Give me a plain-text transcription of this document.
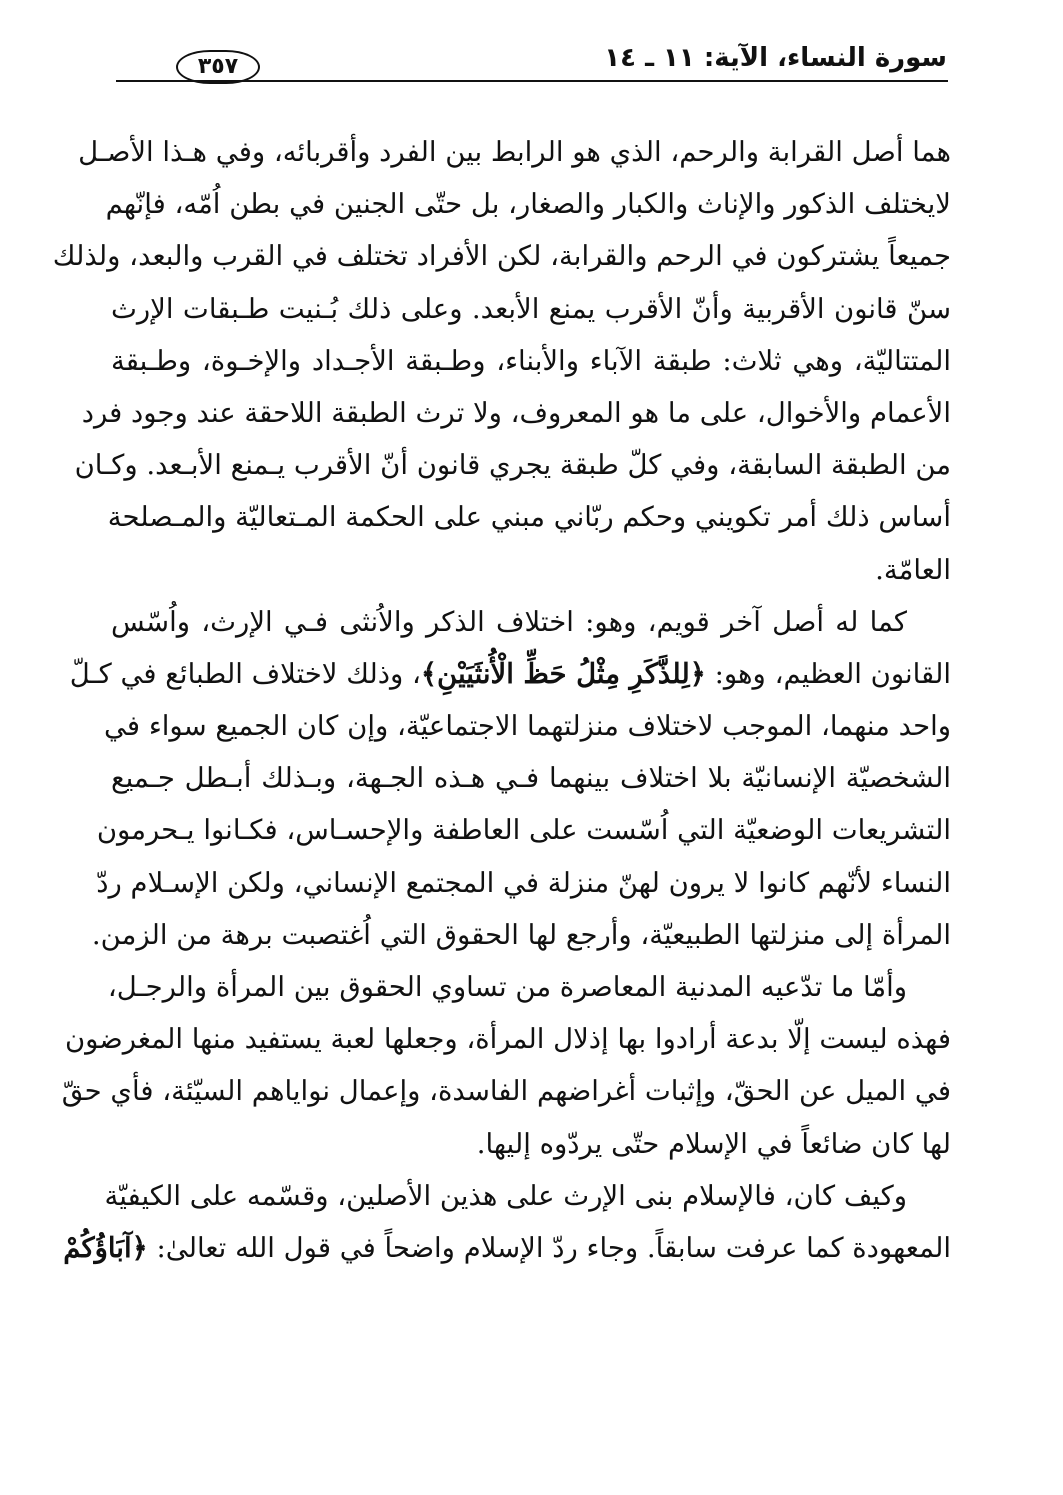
سورة النساء، الآية: ١١ ـ ١٤
٣٥٧
هما أصل القرابة والرحم، الذي هو الرابط بين الفرد وأقربائه، وفي هـذا الأصـل
لايختلف الذكور والإناث والكبار والصغار، بل حتّى الجنين في بطن اُمّه، فإنّهم
جميعاً يشتركون في الرحم والقرابة، لكن الأفراد تختلف في القرب والبعد، ولذلك
سنّ قانون الأقربية وأنّ الأقرب يمنع الأبعد. وعلى ذلك بُـنيت طـبقات الإرث
المتتاليّة، وهي ثلاث: طبقة الآباء والأبناء، وطـبقة الأجـداد والإخـوة، وطـبقة
الأعمام والأخوال، على ما هو المعروف، ولا ترث الطبقة اللاحقة عند وجود فرد
من الطبقة السابقة، وفي كلّ طبقة يجري قانون أنّ الأقرب يـمنع الأبـعد. وكـان
أساس ذلك أمر تكويني وحكم ربّاني مبني على الحكمة المـتعاليّة والمـصلحة
العامّة.
كما له أصل آخر قويم، وهو: اختلاف الذكر والاُنثى فـي الإرث، واُسّس
القانون العظيم، وهو: ﴿لِلذَّكَرِ مِثْلُ حَظِّ الْأُنثَيَيْنِ﴾، وذلك لاختلاف الطبائع في كـلّ
واحد منهما، الموجب لاختلاف منزلتهما الاجتماعيّة، وإن كان الجميع سواء في
الشخصيّة الإنسانيّة بلا اختلاف بينهما فـي هـذه الجـهة، وبـذلك أبـطل جـميع
التشريعات الوضعيّة التي اُسّست على العاطفة والإحسـاس، فكـانوا يـحرمون
النساء لأنّهم كانوا لا يرون لهنّ منزلة في المجتمع الإنساني، ولكن الإسـلام ردّ
المرأة إلى منزلتها الطبيعيّة، وأرجع لها الحقوق التي اُغتصبت برهة من الزمن.
وأمّا ما تدّعيه المدنية المعاصرة من تساوي الحقوق بين المرأة والرجـل،
فهذه ليست إلّا بدعة أرادوا بها إذلال المرأة، وجعلها لعبة يستفيد منها المغرضون
في الميل عن الحقّ، وإثبات أغراضهم الفاسدة، وإعمال نواياهم السيّئة، فأي حقّ
لها كان ضائعاً في الإسلام حتّى يردّوه إليها.
وكيف كان، فالإسلام بنى الإرث على هذين الأصلين، وقسّمه على الكيفيّة
المعهودة كما عرفت سابقاً. وجاء ردّ الإسلام واضحاً في قول الله تعالىٰ: ﴿آبَاؤُكُمْ
